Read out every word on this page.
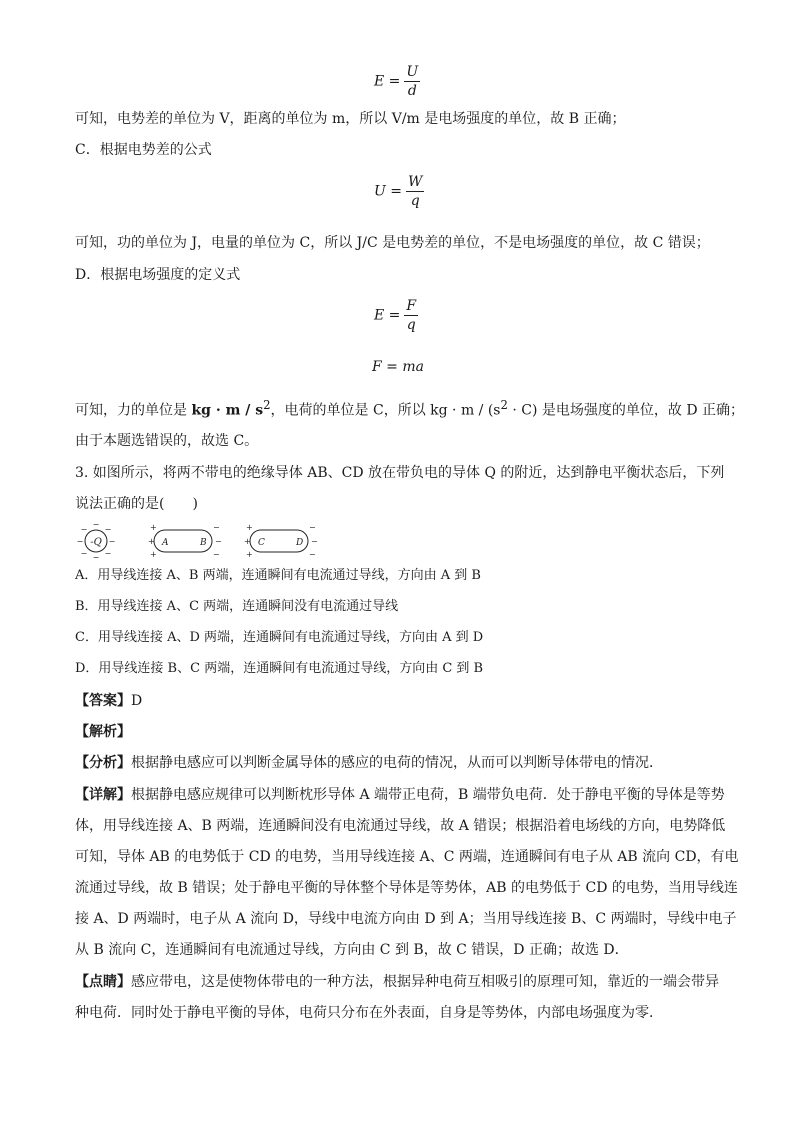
$E = \frac{U}{d}$
可知，电势差的单位为 V，距离的单位为 m，所以 V/m 是电场强度的单位，故 B 正确；
C．根据电势差的公式
$U = \frac{W}{q}$
可知，功的单位为 J，电量的单位为 C，所以 J/C 是电势差的单位，不是电场强度的单位，故 C 错误；
D．根据电场强度的定义式
$E = \frac{F}{q}$
F = ma
可知，力的单位是 kg · m / $s^2$，电荷的单位是 C，所以 kg · $m / (s^2 \cdot C)$ 是电场强度的单位，故 D 正确；
由于本题选错误的，故选 C。
3. 如图所示，将两不带电的绝缘导体 AB、CD 放在带负电的导体 Q 的附近，达到静电平衡状态后，下列
说法正确的是(　　)
-Q
−
−
−	−
− −
− −
A	B
+
+
+
−
−
−
C	D
+
+
+
−
−
−
A．用导线连接 A、B 两端，连通瞬间有电流通过导线，方向由 A 到 B
B．用导线连接 A、C 两端，连通瞬间没有电流通过导线
C．用导线连接 A、D 两端，连通瞬间有电流通过导线，方向由 A 到 D
D．用导线连接 B、C 两端，连通瞬间有电流通过导线，方向由 C 到 B
【答案】D
【解析】
【分析】根据静电感应可以判断金属导体的感应的电荷的情况，从而可以判断导体带电的情况．
【详解】根据静电感应规律可以判断枕形导体 A 端带正电荷，B 端带负电荷．处于静电平衡的导体是等势
体，用导线连接 A、B 两端，连通瞬间没有电流通过导线，故 A 错误；根据沿着电场线的方向，电势降低
可知，导体 AB 的电势低于 CD 的电势，当用导线连接 A、C 两端，连通瞬间有电子从 AB 流向 CD，有电
流通过导线，故 B 错误；处于静电平衡的导体整个导体是等势体，AB 的电势低于 CD 的电势，当用导线连
接 A、D 两端时，电子从 A 流向 D，导线中电流方向由 D 到 A；当用导线连接 B、C 两端时，导线中电子
从 B 流向 C，连通瞬间有电流通过导线，方向由 C 到 B，故 C 错误，D 正确；故选 D．
【点睛】感应带电，这是使物体带电的一种方法，根据异种电荷互相吸引的原理可知，靠近的一端会带异
种电荷．同时处于静电平衡的导体，电荷只分布在外表面，自身是等势体，内部电场强度为零．
